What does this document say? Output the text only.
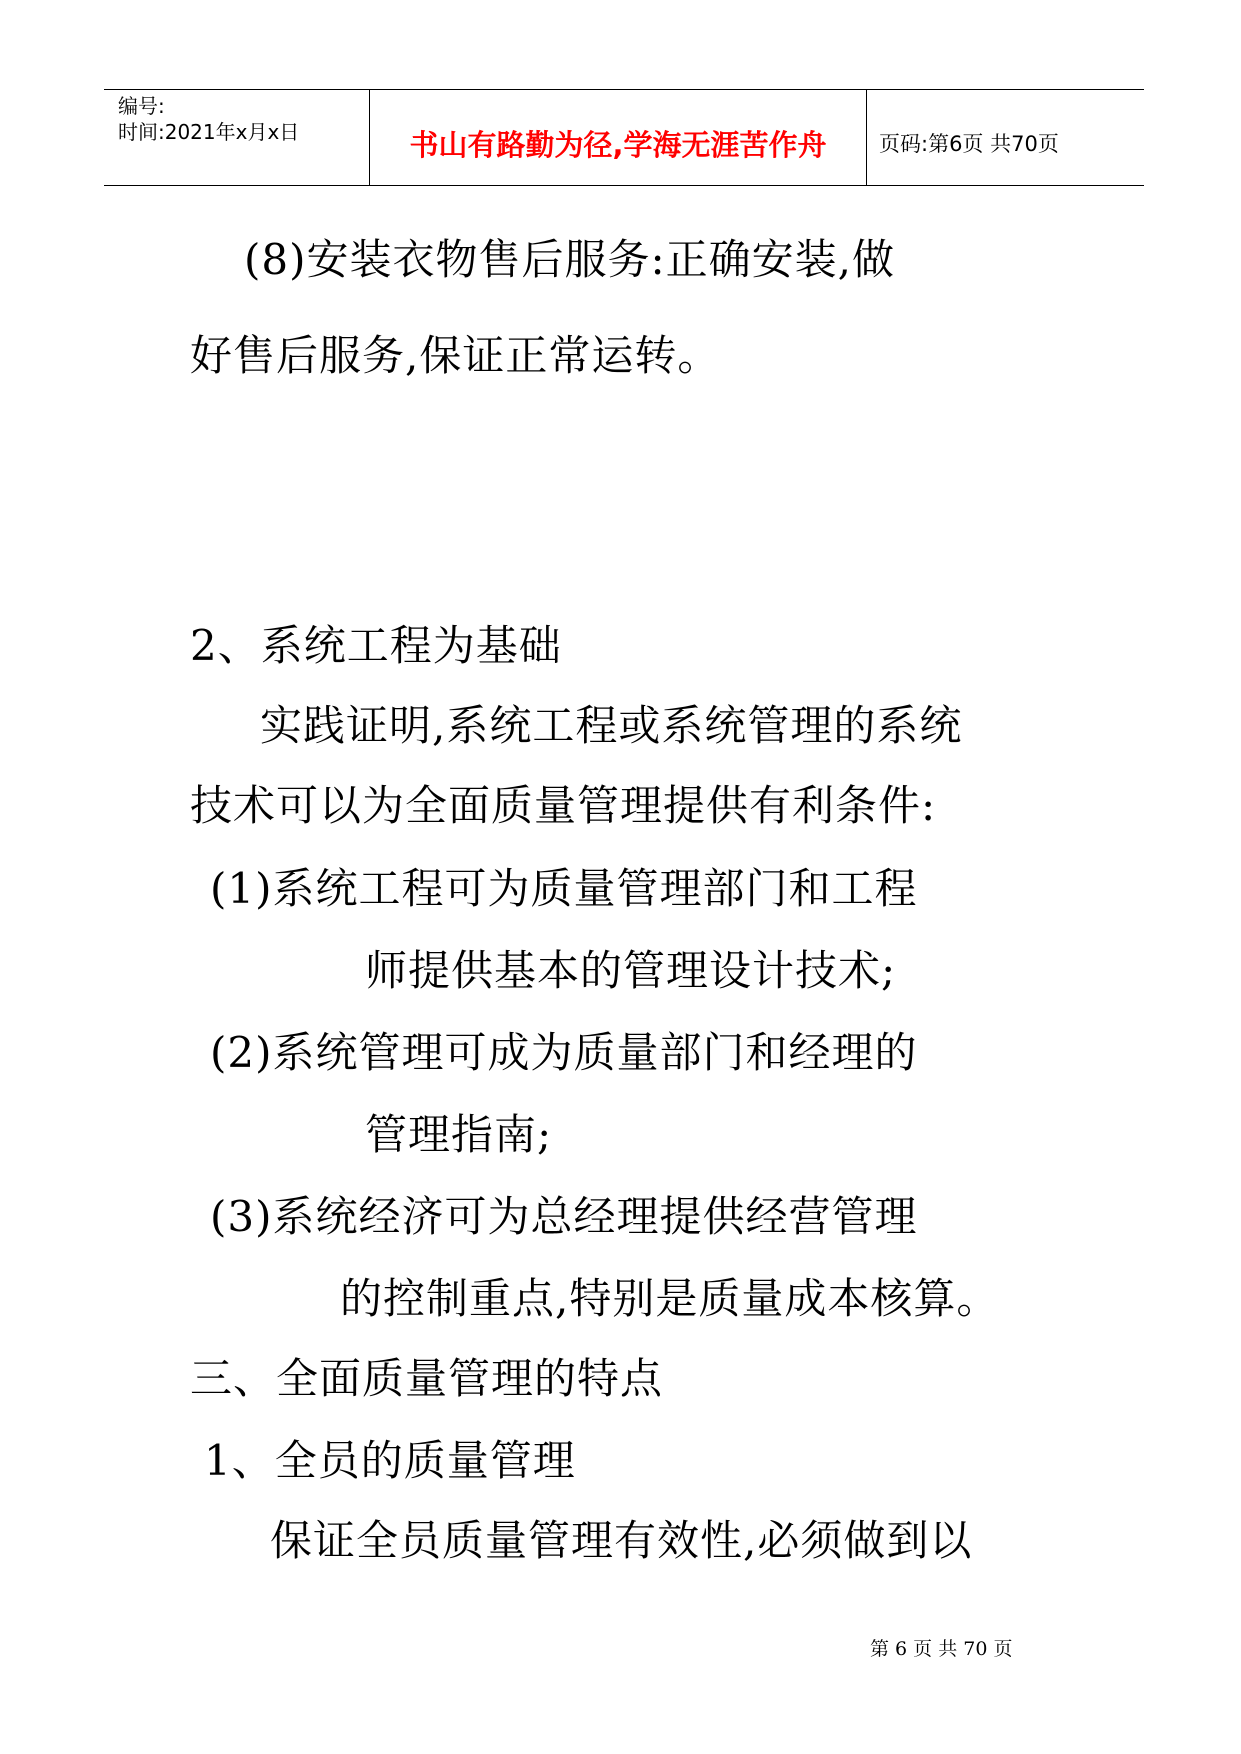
编号:
时间:2021年x月x日	书山有路勤为径,学海无涯苦作舟 页码:第6页 共70页
(8)安装衣物售后服务:正确安装,做
好售后服务,保证正常运转。
2、系统工程为基础
实践证明,系统工程或系统管理的系统
技术可以为全面质量管理提供有利条件:
(1)系统工程可为质量管理部门和工程
师提供基本的管理设计技术;
(2)系统管理可成为质量部门和经理的
管理指南;
(3)系统经济可为总经理提供经营管理
的控制重点,特别是质量成本核算。
三、全面质量管理的特点
1、全员的质量管理
保证全员质量管理有效性,必须做到以
第 6 页 共 70 页
